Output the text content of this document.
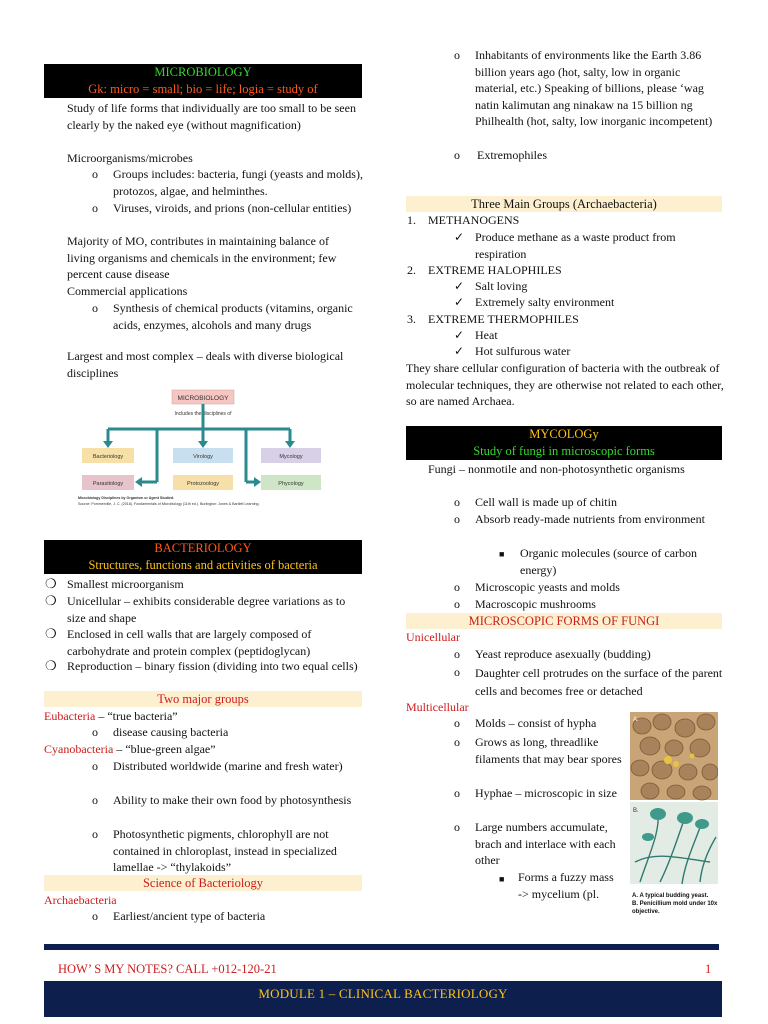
MICROBIOLOGY
Gk: micro = small; bio = life; logia = study of
Study of life forms that individually are too small to be seen clearly by the naked eye (without magnification)
Microorganisms/microbes
o Groups includes: bacteria, fungi (yeasts and molds), protozos, algae, and helminthes.
o Viruses, viroids, and prions (non-cellular entities)
Majority of MO, contributes in maintaining balance of living organisms and chemicals in the environment; few percent cause disease
Commercial applications
o Synthesis of chemical products (vitamins, organic acids, enzymes, alcohols and many drugs
Largest and most complex – deals with diverse biological disciplines
MICROBIOLOGY
Includes the disciplines of
Bacteriology	Virology	Mycology
Parasitology	Protozoology	Phycology
Microbiology Disciplines by Organism or Agent Studied.
Source: Pommerville, J. C. (2018). Fundamentals of Microbiology (11th ed.). Burlington: Jones & Bartlett Learning.
BACTERIOLOGY
Structures, functions and activities of bacteria
❍ Smallest microorganism
❍ Unicellular – exhibits considerable degree variations as to size and shape
❍ Enclosed in cell walls that are largely composed of carbohydrate and protein complex (peptidoglycan)
❍ Reproduction – binary fission (dividing into two equal cells)
Two major groups
Eubacteria – “true bacteria”
o disease causing bacteria
Cyanobacteria – “blue-green algae”
o Distributed worldwide (marine and fresh water)
o Ability to make their own food by photosynthesis
o Photosynthetic pigments, chlorophyll are not contained in chloroplast, instead in specialized lamellae -> “thylakoids”
Science of Bacteriology
Archaebacteria
o Earliest/ancient type of bacteria
o Inhabitants of environments like the Earth 3.86 billion years ago (hot, salty, low in organic material, etc.) Speaking of billions, please ‘wag natin kalimutan ang ninakaw na 15 billion ng Philhealth (hot, salty, low inorganic incompetent)
o Extremophiles
Three Main Groups (Archaebacteria)
1. METHANOGENS
✓ Produce methane as a waste product from respiration
2. EXTREME HALOPHILES
✓ Salt loving
✓ Extremely salty environment
3. EXTREME THERMOPHILES
✓ Heat
✓ Hot sulfurous water
They share cellular configuration of bacteria with the outbreak of molecular techniques, they are otherwise not related to each other, so are named Archaea.
MYCOLOGy
Study of fungi in microscopic forms
Fungi – nonmotile and non-photosynthetic organisms
o Cell wall is made up of chitin
o Absorb ready-made nutrients from environment
■ Organic molecules (source of carbon energy)
o Microscopic yeasts and molds
o Macroscopic mushrooms
MICROSCOPIC FORMS OF FUNGI
Unicellular
o Yeast reproduce asexually (budding)
o Daughter cell protrudes on the surface of the parent cells and becomes free or detached
Multicellular
o Molds – consist of hypha
o Grows as long, threadlike filaments that may bear spores
o Hyphae – microscopic in size
o Large numbers accumulate, brach and interlace with each other
■ Forms a fuzzy mass -> mycelium (pl.
A.
B.
A. A typical budding yeast.
B. Penicillium mold under 10x objective.
HOW’ S MY NOTES? CALL +012-120-21	1
MODULE 1 – CLINICAL BACTERIOLOGY
